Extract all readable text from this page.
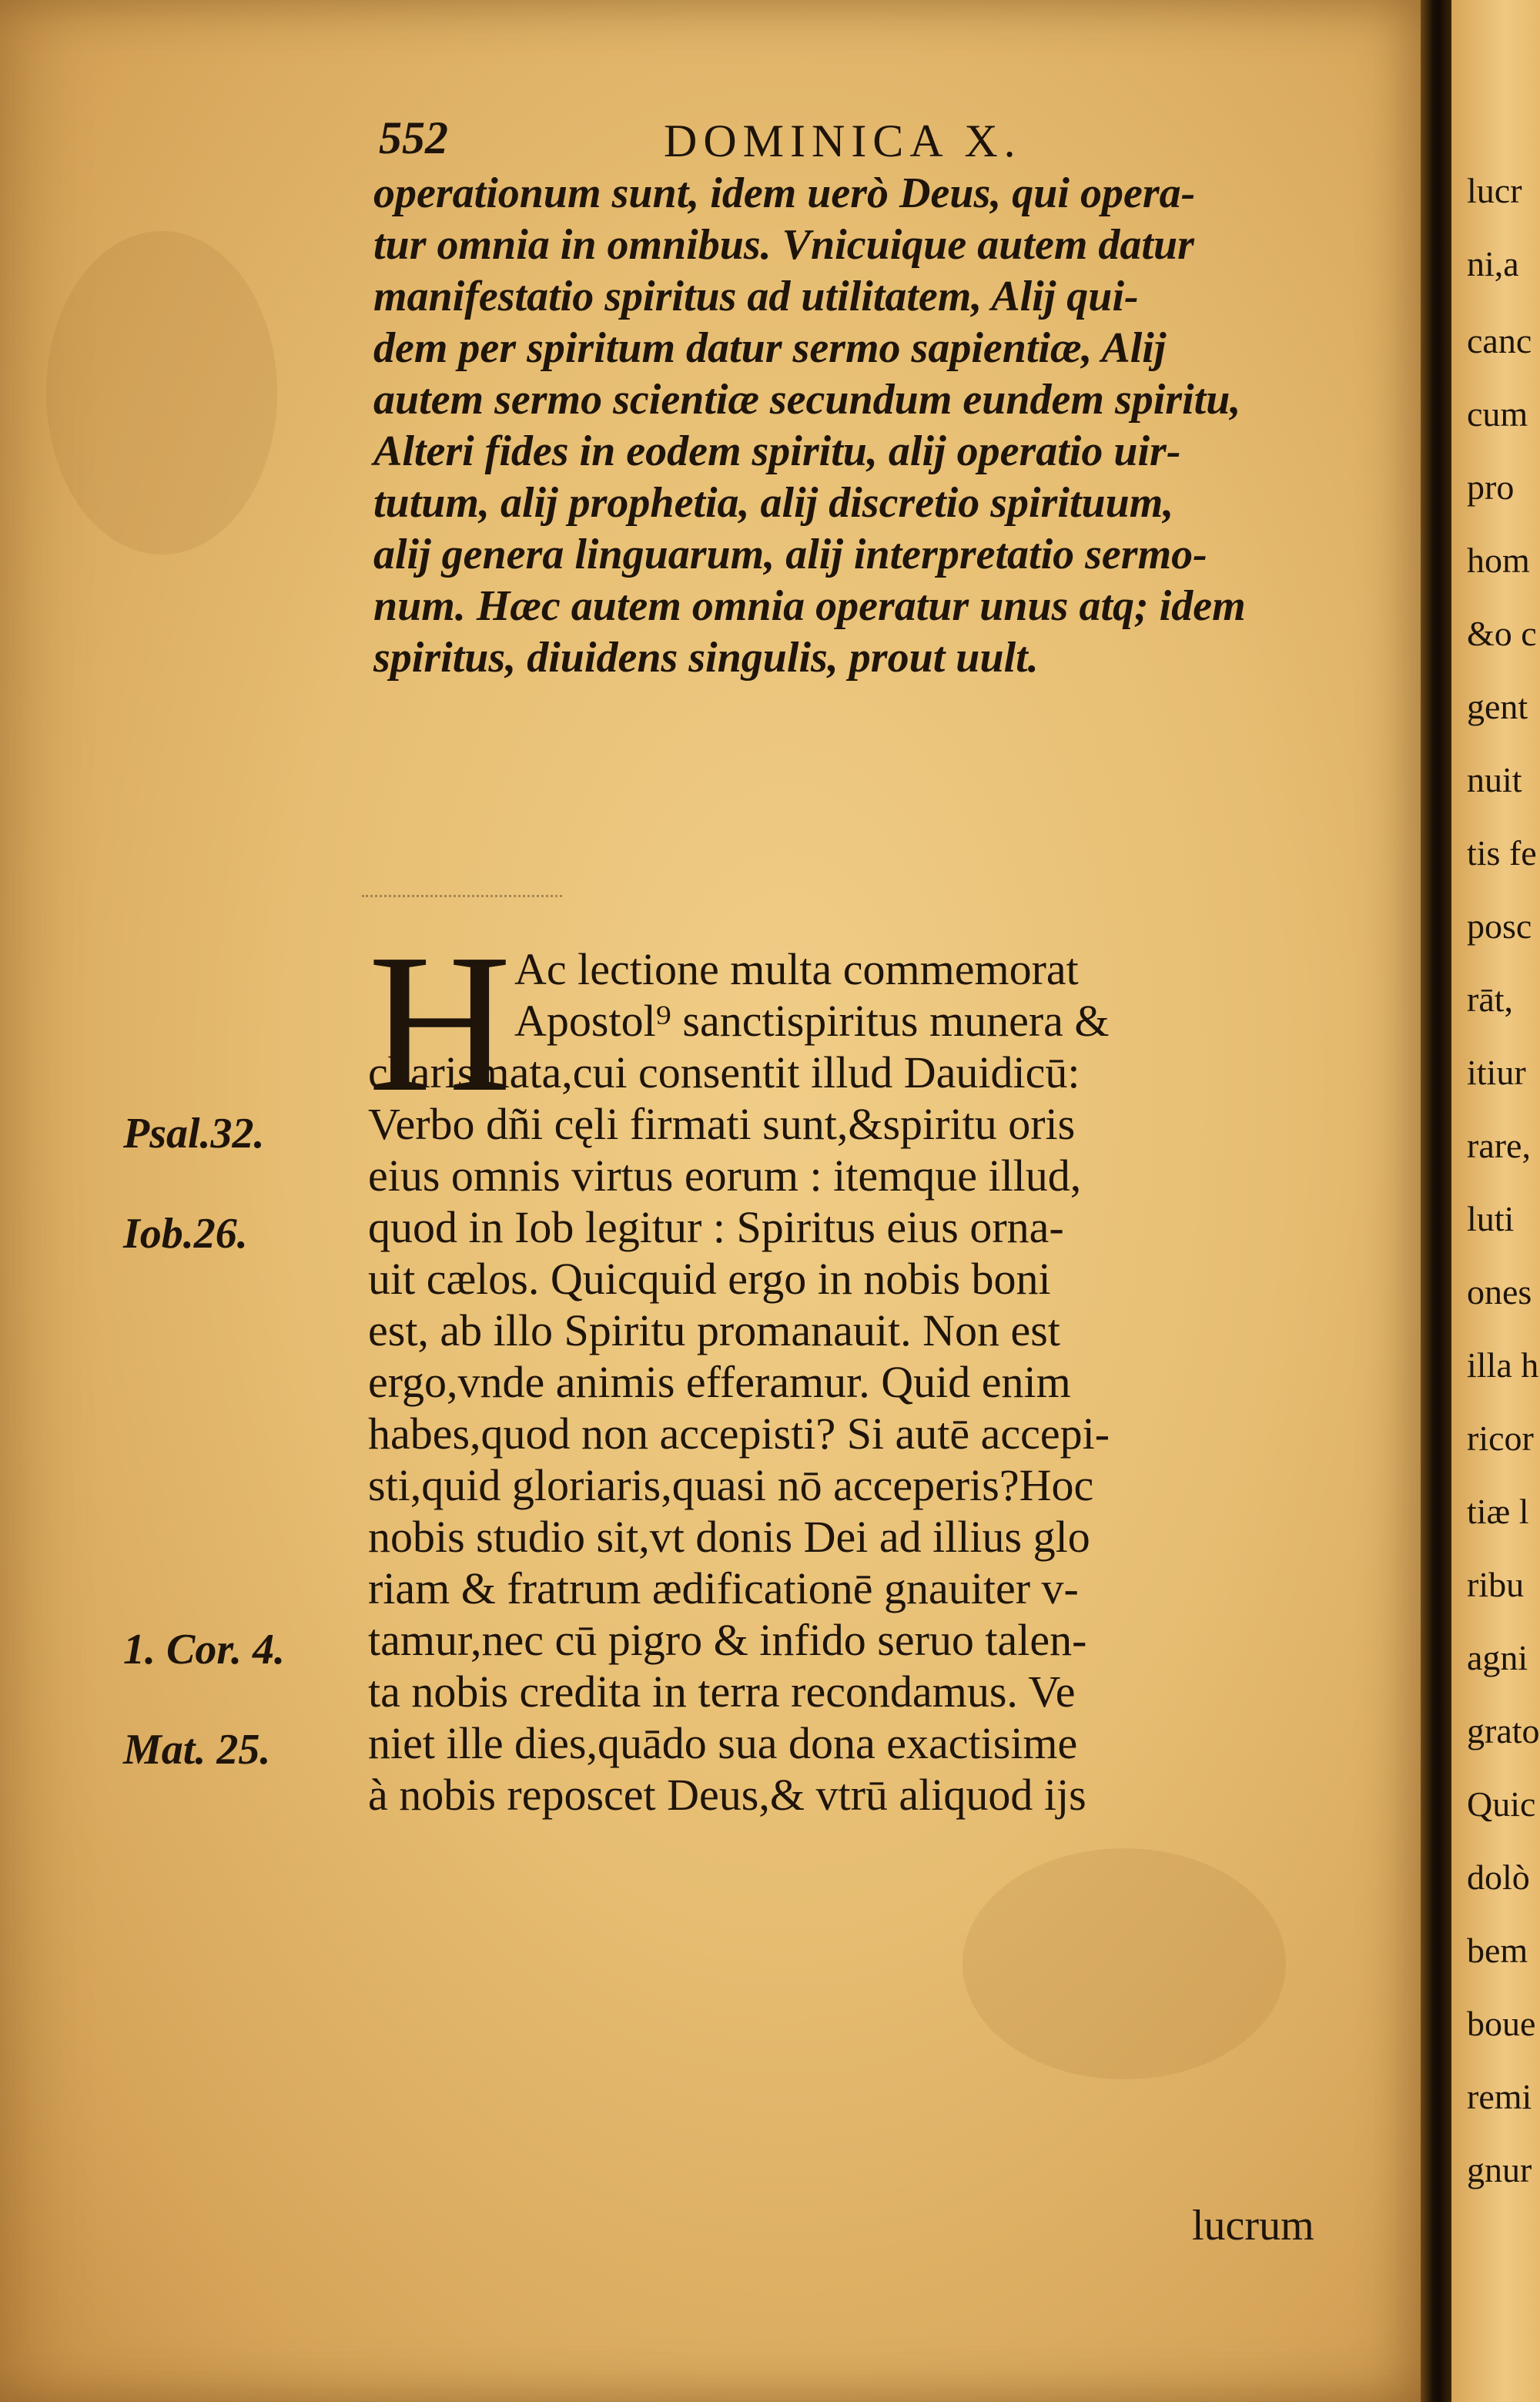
552	DOMINICA X.
operationum sunt, idem uerò Deus, qui opera-
tur omnia in omnibus. Vnicuique autem datur
manifestatio spiritus ad utilitatem, Alij qui-
dem per spiritum datur sermo sapientiæ, Alij
autem sermo scientiæ secundum eundem spiritu,
Alteri fides in eodem spiritu, alij operatio uir-
tutum, alij prophetia, alij discretio spirituum,
alij genera linguarum, alij interpretatio sermo-
num. Hæc autem omnia operatur unus atq; idem
spiritus, diuidens singulis, prout uult.
H Ac lectione multa commemorat
Apostol⁹ sanctispiritus munera &
charismata,cui consentit illud Dauidicū:
Verbo dñi cęli firmati sunt,&spiritu oris
eius omnis virtus eorum : itemque illud,
quod in Iob legitur : Spiritus eius orna-
uit cælos. Quicquid ergo in nobis boni
est, ab illo Spiritu promanauit. Non est
ergo,vnde animis efferamur. Quid enim
habes,quod non accepisti? Si autē accepi-
sti,quid gloriaris,quasi nō acceperis?Hoc
nobis studio sit,vt donis Dei ad illius glo
riam & fratrum ædificationē gnauiter v-
tamur,nec cū pigro & infido seruo talen-
ta nobis credita in terra recondamus. Ve
niet ille dies,quādo sua dona exactisime
à nobis reposcet Deus,& vtrū aliquod ijs
lucrum
Psal.32.
Iob.26.
1. Cor. 4.
Mat. 25.
lucr
ni,a
canc
cum
pro
hom
&o c
gent
nuit
tis fe
posc
rāt,
itiur
rare,
luti
ones
illa h
ricor
tiæ l
ribu
agni
grato
Quic
dolò
bem
boue
remi
gnur
